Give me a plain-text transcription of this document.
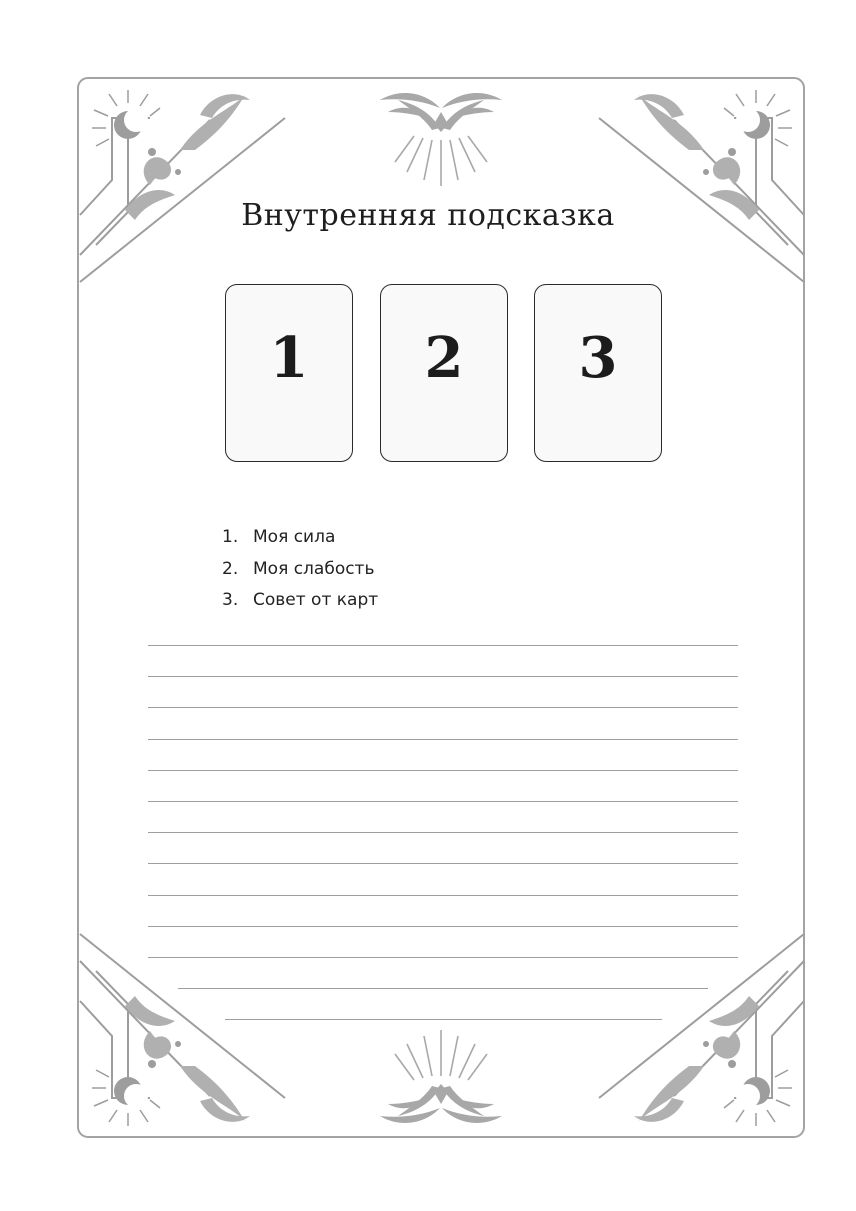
Внутренняя подсказка
1 2 3
1. Моя сила
2. Моя слабость
3. Совет от карт
